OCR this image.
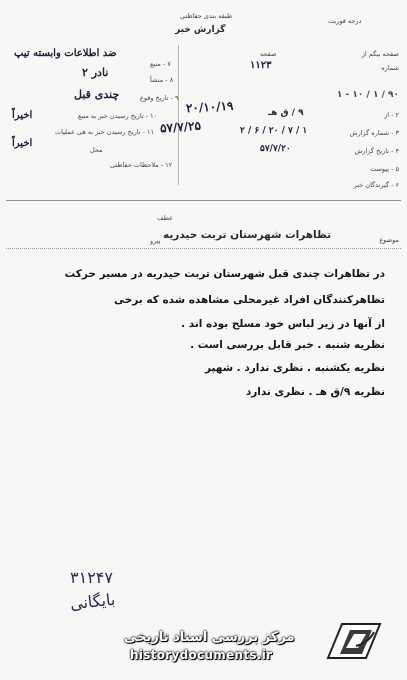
طبقه بندی حفاظتی
درجه فوریت
گزارش خبر
صفحه بیگم از
صفحه
شماره
۱۱۲۳
۱ - ۱۰ / ۱ / ۹۰
۲ - از
۹ / ق هـ
۳ - شماره گزارش
۲ / ۶ / ۲۰ / ۷ / ۱
۴ - تاریخ گزارش
۵۷/۷/۲۰
۵ - پیوست
۶ - گیرندگان خبر
۷ - منبع
ضد اطلاعات وابسته تیپ
۸ - منشأ
۲ نادر
۹ - تاریخ وقوع
چندی قبل
۱۰ - تاریخ رسیدن خبر به منبع
اخیراً
۱۱ - تاریخ رسیدن خبر به هی عملیات
اخیراً
محل
۱۲ - ملاحظات حفاظتی
۲۰/۱۰/۱۹
۵۷/۷/۲۵
عطف
موضوع
تظاهرات شهرستان تربت حیدریه
پیرو
در تظاهرات چندی قبل شهرستان تربت حیدریه در مسیر حرکت
تظاهرکنندگان افراد غیرمحلی مشاهده شده که برخی
از آنها در زیر لباس خود مسلح بوده اند .
نظریه شنبه . خبر قابل بررسی است .
نظریه یکشنبه . نظری ندارد . شهپر
نظریه ۹/ق هـ . نظری ندارد
۳۱۲۴۷
بایگانی
مرکز بررسی اسناد تاریخی
historydocuments.ir
